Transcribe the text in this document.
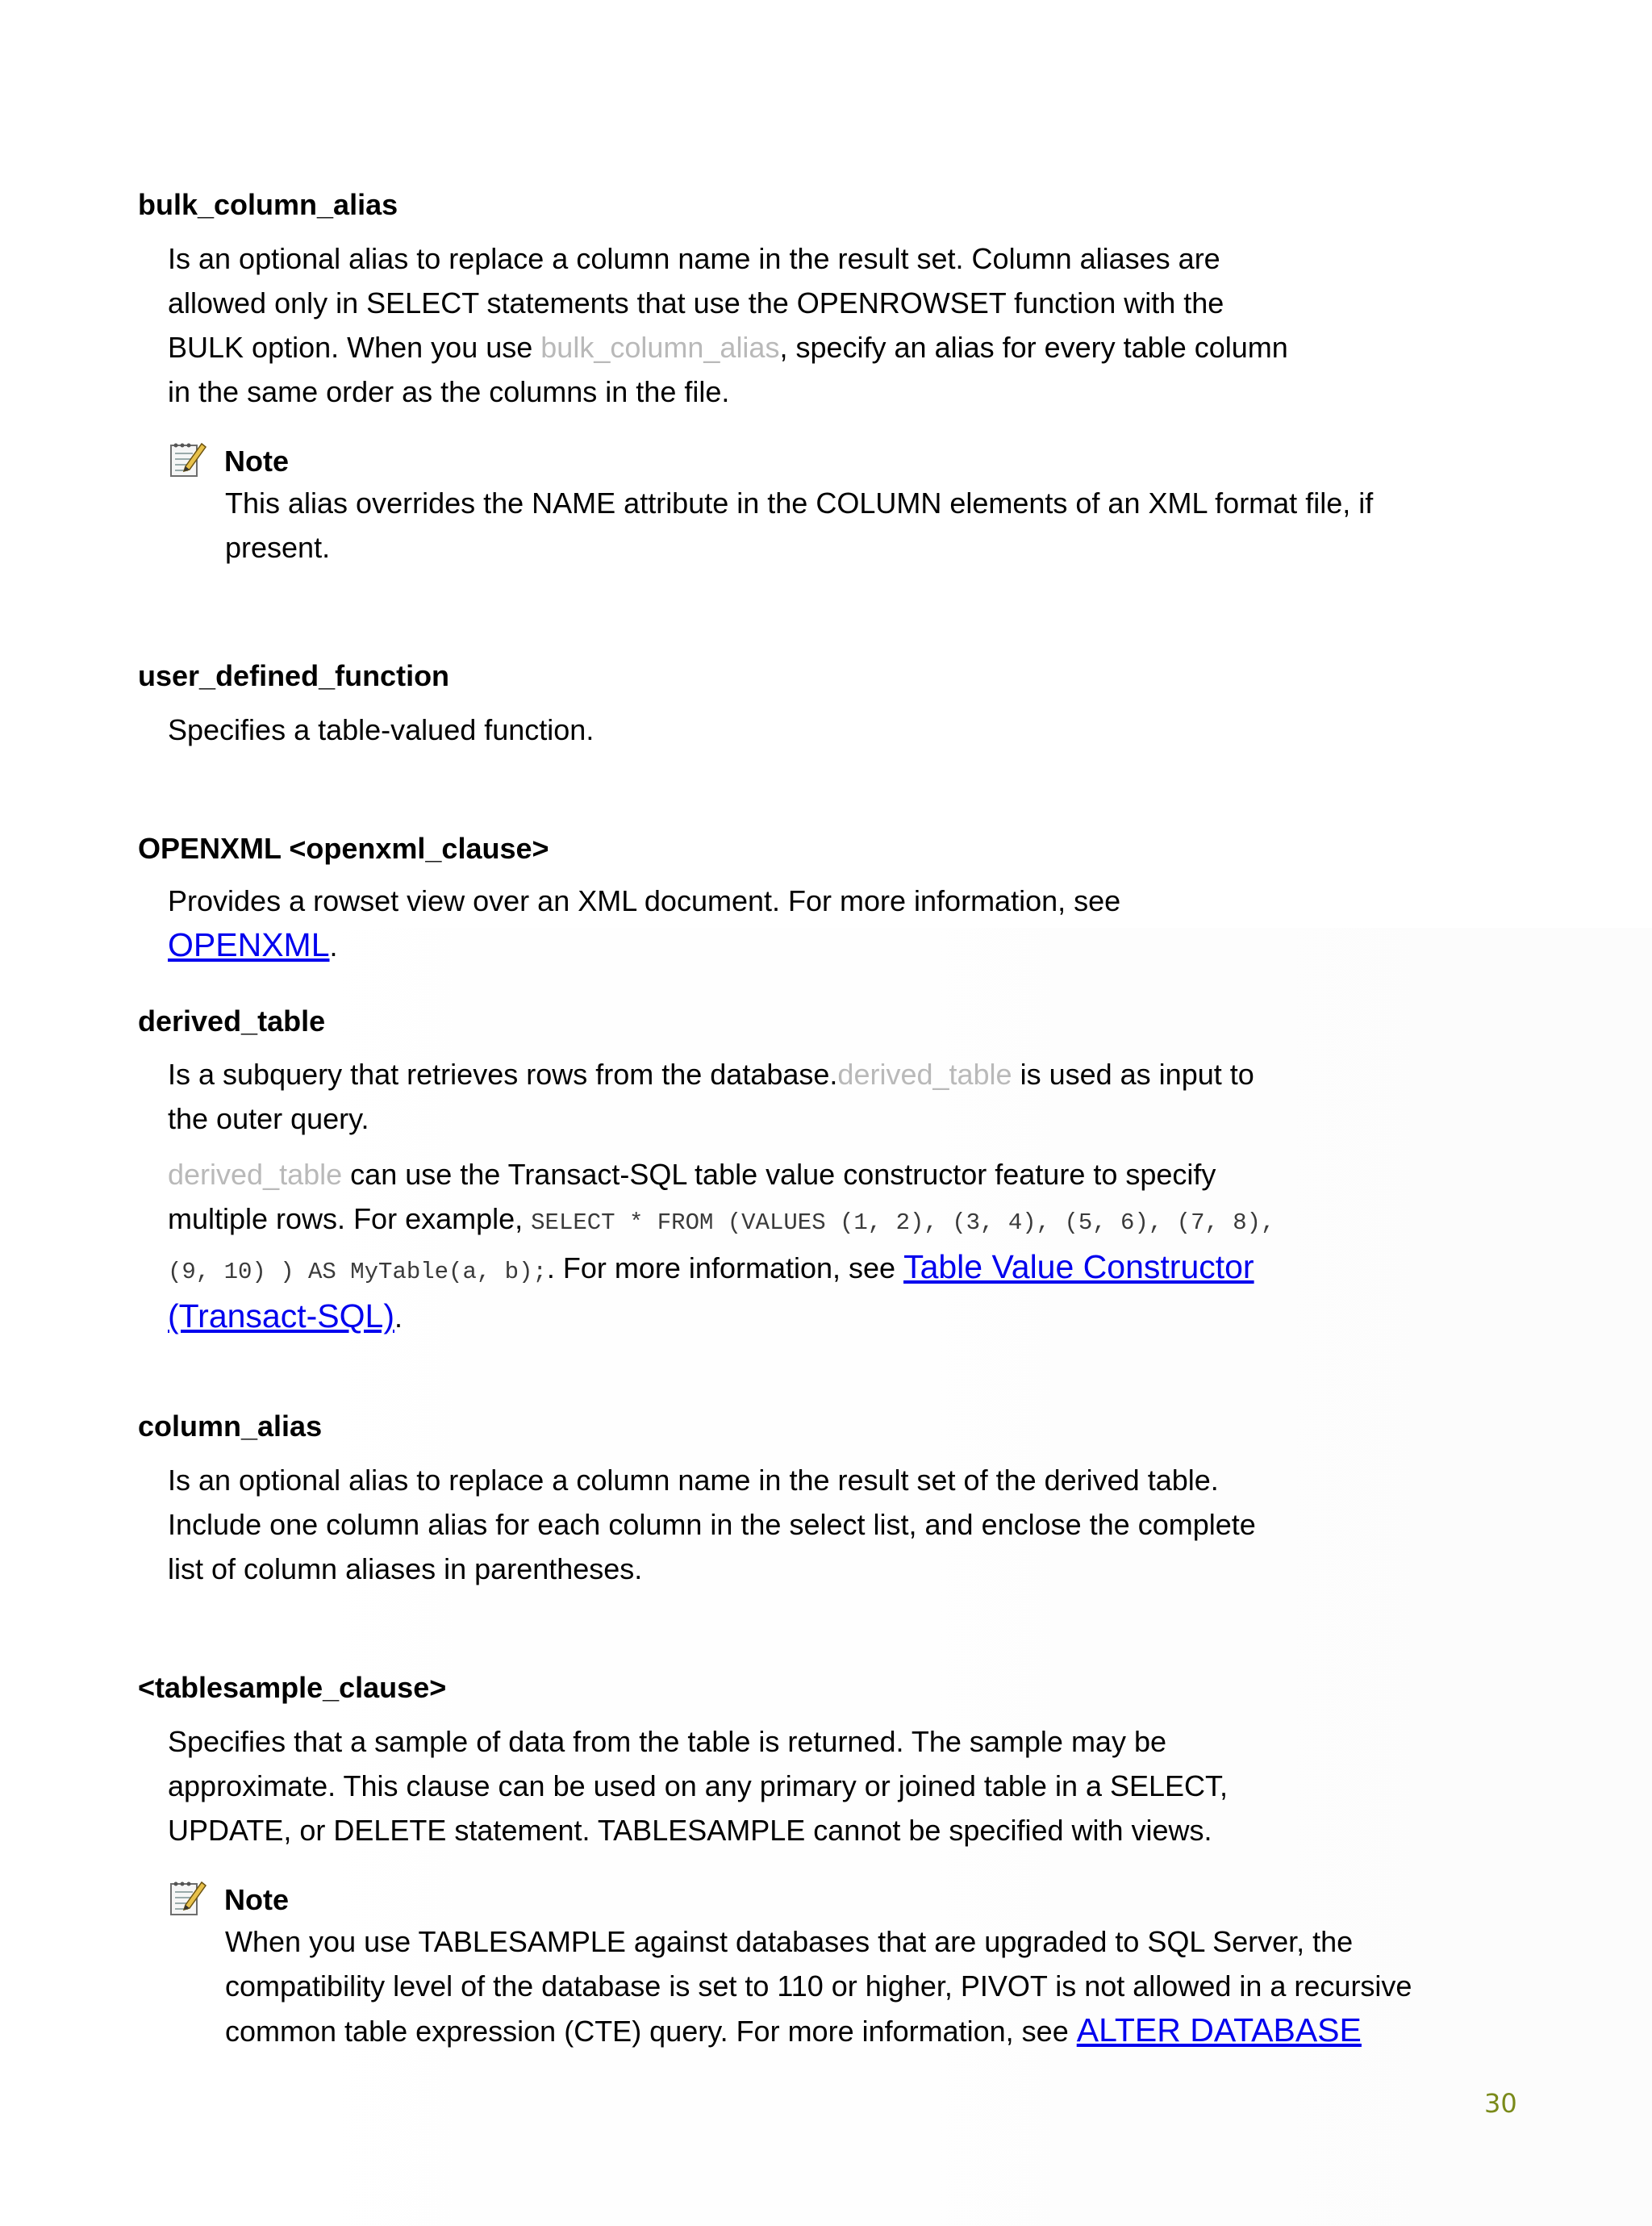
bulk_column_alias

Is an optional alias to replace a column name in the result set. Column aliases are allowed only in SELECT statements that use the OPENROWSET function with the BULK option. When you use bulk_column_alias, specify an alias for every table column in the same order as the columns in the file.

Note
This alias overrides the NAME attribute in the COLUMN elements of an XML format file, if present.
user_defined_function

Specifies a table-valued function.

OPENXML <openxml_clause>

Provides a rowset view over an XML document. For more information, see OPENXML.

derived_table

Is a subquery that retrieves rows from the database.derived_table is used as input to the outer query.

derived_table can use the Transact-SQL table value constructor feature to specify multiple rows. For example, SELECT * FROM (VALUES (1, 2), (3, 4), (5, 6), (7, 8), (9, 10) ) AS MyTable(a, b);. For more information, see Table Value Constructor (Transact-SQL).

column_alias

Is an optional alias to replace a column name in the result set of the derived table. Include one column alias for each column in the select list, and enclose the complete list of column aliases in parentheses.

<tablesample_clause>

Specifies that a sample of data from the table is returned. The sample may be approximate. This clause can be used on any primary or joined table in a SELECT, UPDATE, or DELETE statement. TABLESAMPLE cannot be specified with views.

Note
When you use TABLESAMPLE against databases that are upgraded to SQL Server, the compatibility level of the database is set to 110 or higher, PIVOT is not allowed in a recursive common table expression (CTE) query. For more information, see ALTER DATABASE
30
